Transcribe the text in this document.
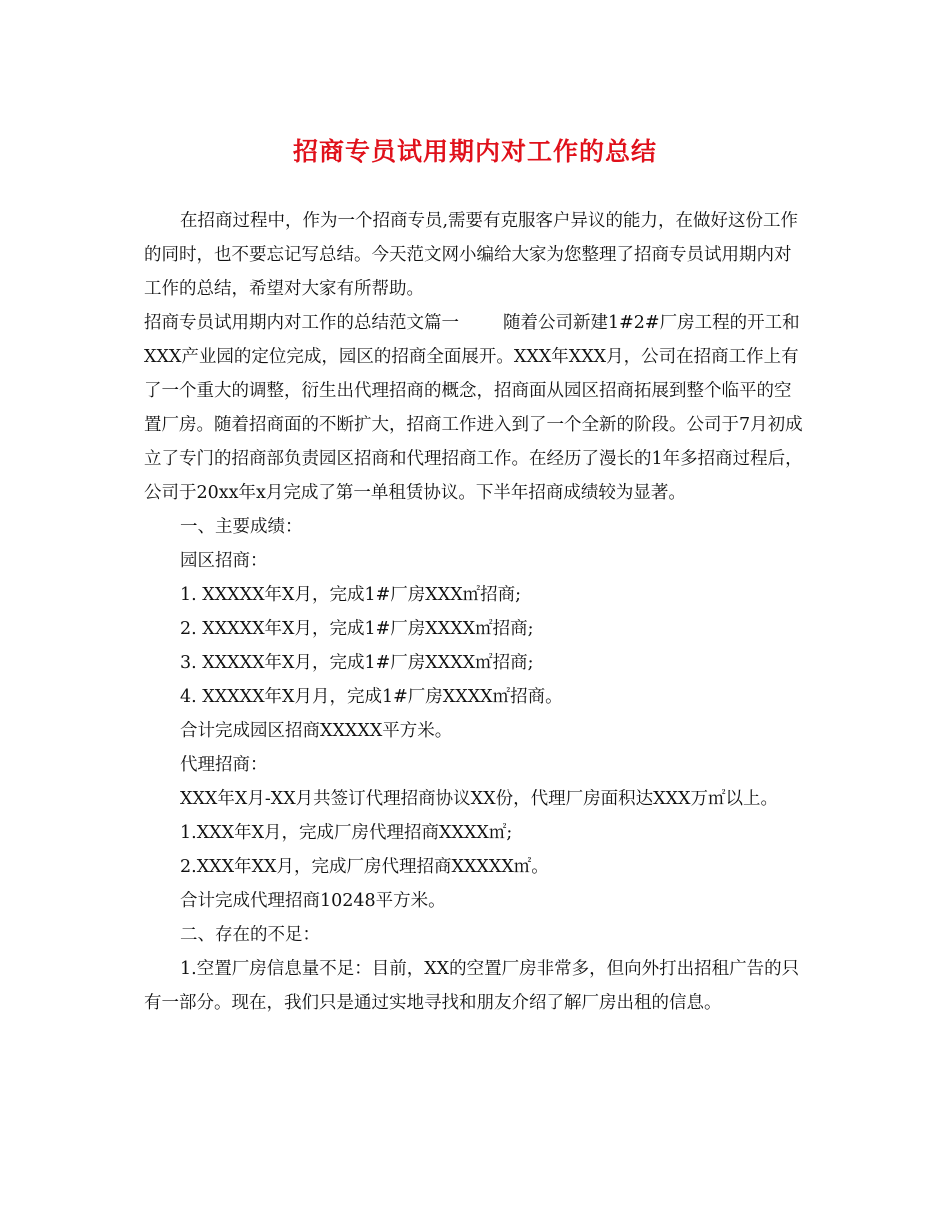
招商专员试用期内对工作的总结

在招商过程中，作为一个招商专员,需要有克服客户异议的能力，在做好这份工作的同时，也不要忘记写总结。今天范文网小编给大家为您整理了招商专员试用期内对工作的总结，希望对大家有所帮助。

招商专员试用期内对工作的总结范文篇一	随着公司新建1#2#厂房工程的开工和XXX产业园的定位完成，园区的招商全面展开。XXX年XXX月，公司在招商工作上有了一个重大的调整，衍生出代理招商的概念，招商面从园区招商拓展到整个临平的空置厂房。随着招商面的不断扩大，招商工作进入到了一个全新的阶段。公司于7月初成立了专门的招商部负责园区招商和代理招商工作。在经历了漫长的1年多招商过程后，公司于20xx年x月完成了第一单租赁协议。下半年招商成绩较为显著。

一、主要成绩：

园区招商：

1. XXXXX年X月，完成1#厂房XXX㎡招商;

2. XXXXX年X月，完成1#厂房XXXX㎡招商;

3. XXXXX年X月，完成1#厂房XXXX㎡招商;

4. XXXXX年X月月，完成1#厂房XXXX㎡招商。

合计完成园区招商XXXXX平方米。

代理招商：

XXX年X月-XX月共签订代理招商协议XX份，代理厂房面积达XXX万㎡以上。

1.XXX年X月，完成厂房代理招商XXXX㎡;

2.XXX年XX月，完成厂房代理招商XXXXX㎡。

合计完成代理招商10248平方米。

二、存在的不足：

1.空置厂房信息量不足：目前，XX的空置厂房非常多，但向外打出招租广告的只有一部分。现在，我们只是通过实地寻找和朋友介绍了解厂房出租的信息。
